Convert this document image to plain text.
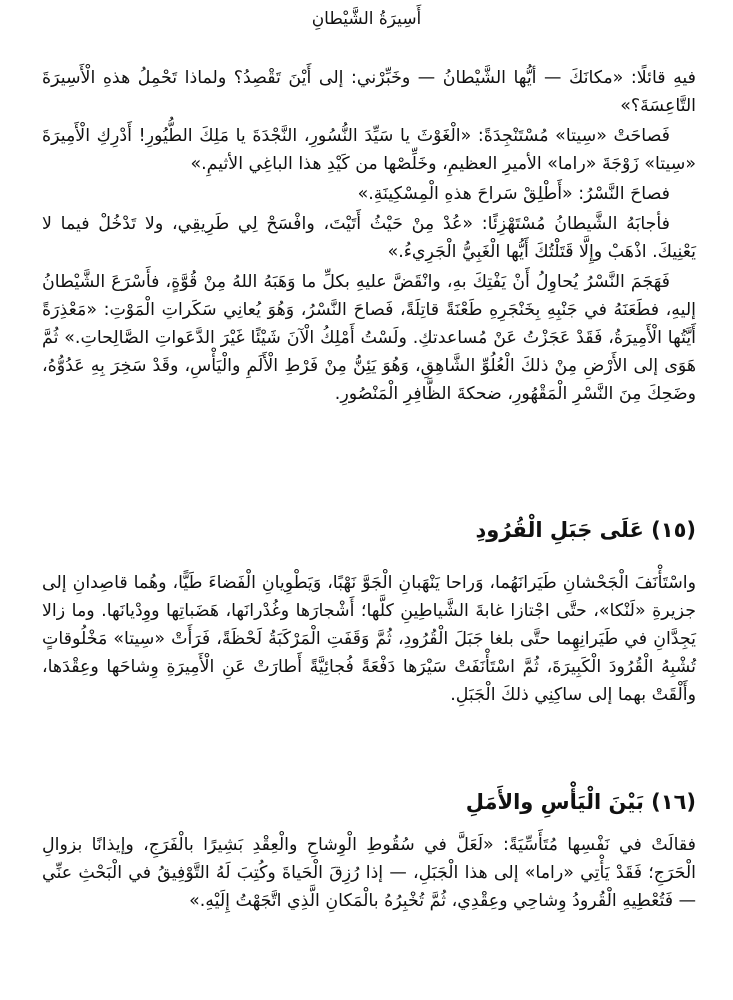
أَسِيرَةُ الشَّيْطانِ

فيهِ قائلًا: «مكانَكَ — أيُّها الشَّيْطانُ — وخَبِّرْني: إلى أَيْنَ تَقْصِدُ؟ ولماذا تَحْمِلُ هذهِ الْأَسِيرَةَ التَّاعِسَةَ؟»

فَصاحَتْ «سِيتا» مُسْتَنْجِدَةً: «الْغَوْثَ يا سَيِّدَ النُّسُورِ، النَّجْدَةَ يا مَلِكَ الطُّيُورِ! أَدْرِكِ الْأَمِيرَةَ «سِيتا» زَوْجَةَ «راما» الأميرِ العظيمِ، وخَلِّصْها من كَيْدِ هذا الباغِي الأثيمِ.»

فصاحَ النَّسْرُ: «أَطْلِقْ سَراحَ هذهِ الْمِسْكِينَةِ.»

فأجابَهُ الشَّيطانُ مُسْتَهْزِئًا: «عُدْ مِنْ حَيْثُ أَتَيْتَ، وافْسَحْ لِي طَرِيقِي، ولا تَدْخُلْ فيما لا يَعْنِيكَ. اذْهَبْ وإِلَّا قَتَلْتُكَ أَيُّها الْغَبِيُّ الْجَرِيءُ.»

فَهَجَمَ النَّسْرُ يُحاوِلُ أَنْ يَفْتِكَ بهِ، وانْقَضَّ عليهِ بكلِّ ما وَهَبَهُ اللهُ مِنْ قُوَّةٍ، فأَسْرَعَ الشَّيْطانُ إليهِ، فطَعَنَهُ في جَنْبِهِ بِخَنْجَرِهِ طَعْنَةً قاتِلَةً، فَصاحَ النَّسْرُ، وَهُوَ يُعانِي سَكَراتِ الْمَوْتِ: «مَعْذِرَةً أَيَّتُها الْأَمِيرَةُ، فَقَدْ عَجَزْتُ عَنْ مُساعدتكِ. ولَسْتُ أَمْلِكُ الْآنَ شَيْئًا غَيْرَ الدَّعَواتِ الصَّالِحاتِ.» ثُمَّ هَوَى إلى الأَرْضِ مِنْ ذلكَ الْعُلُوِّ الشَّاهِقِ، وَهُوَ يَئِنُّ مِنْ فَرْطِ الْأَلَمِ والْيَأْسِ، وقَدْ سَخِرَ بِهِ عَدُوُّهُ، وضَحِكَ مِنَ النَّسْرِ الْمَقْهُورِ، ضحكةَ الظَّافِرِ الْمَنْصُورِ.

(١٥) عَلَى جَبَلِ الْقُرُودِ

واسْتَأْنَفَ الْجَحْشانِ طَيَرانَهُما، وَراحا يَنْهَبانِ الْجَوَّ نَهْبًا، وَيَطْوِيانِ الْفَضاءَ طَيًّا، وهُما قاصِدانِ إلى جزيرةِ «لَنْكا»، حتَّى اجْتازا غابةَ الشَّياطِينِ كلَّها؛ أَشْجارَها وغُدْرانَها، هَضَباتِها ووِدْيانَها. وما زالا يَجِدَّانِ في طَيَرانِهِما حتَّى بلغا جَبَلَ الْقُرُودِ، ثُمَّ وَقَفَتِ الْمَرْكَبَةُ لَحْظَةً، فَرَأَتْ «سِيتا» مَخْلُوقاتٍ تُشْبِهُ الْقُرُودَ الْكَبِيرَةَ، ثُمَّ اسْتَأْنَفَتْ سَيْرَها دَفْعَةً فُجائِيَّةً أَطارَتْ عَنِ الْأَمِيرَةِ وِشاحَها وعِقْدَها، وأَلْقَتْ بهما إلى ساكِنِي ذلكَ الْجَبَلِ.

(١٦) بَيْنَ الْيَأْسِ والأَمَلِ

فقالَتْ في نَفْسِها مُتَأَسِّيَةً: «لَعَلَّ في سُقُوطِ الْوِشاحِ والْعِقْدِ بَشِيرًا بالْفَرَجِ، وإيذانًا بزوالِ الْحَرَجِ؛ فَقَدْ يَأْتِي «راما» إلى هذا الْجَبَلِ، — إذا رُزِقَ الْحَياةَ وكُتِبَ لَهُ التَّوْفِيقُ في الْبَحْثِ عنِّي — فَتُعْطِيهِ الْقُرودُ وِشاحِي وعِقْدِي، ثُمَّ تُخْبِرُهُ بالْمَكانِ الَّذِي اتَّجَهْتُ إِلَيْهِ.»
